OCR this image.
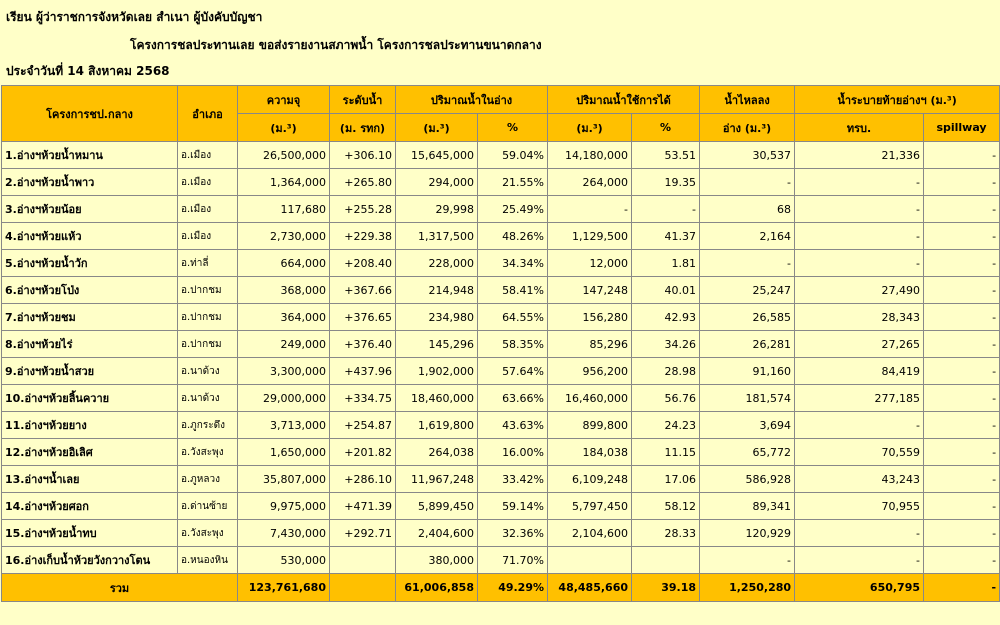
เรียน ผู้ว่าราชการจังหวัดเลย สำเนา ผู้บังคับบัญชา
โครงการชลประทานเลย ขอส่งรายงานสภาพน้ำ โครงการชลประทานขนาดกลาง
ประจำวันที่ 14 สิงหาคม 2568
โครงการชป.กลาง	อำเภอ	ความจุ	ระดับน้ำ	ปริมาณน้ำในอ่าง		ปริมาณน้ำใช้การได้		น้ำไหลลง	น้ำระบายท้ายอ่างฯ (ม.³)	
		(ม.³)	(ม. รทก)	(ม.³)	%	(ม.³)	%	อ่าง (ม.³)	ทรบ.	spillway
1.อ่างฯห้วยน้ำหมาน	อ.เมือง	26,500,000	+306.10	15,645,000	59.04%	14,180,000	53.51	30,537	21,336	-
2.อ่างฯห้วยน้ำพาว	อ.เมือง	1,364,000	+265.80	294,000	21.55%	264,000	19.35	-	-	-
3.อ่างฯห้วยน้อย	อ.เมือง	117,680	+255.28	29,998	25.49%	-	-	68	-	-
4.อ่างฯห้วยแห้ว	อ.เมือง	2,730,000	+229.38	1,317,500	48.26%	1,129,500	41.37	2,164	-	-
5.อ่างฯห้วยน้ำวัก	อ.ท่าลี่	664,000	+208.40	228,000	34.34%	12,000	1.81	-	-	-
6.อ่างฯห้วยโป่ง	อ.ปากชม	368,000	+367.66	214,948	58.41%	147,248	40.01	25,247	27,490	-
7.อ่างฯห้วยชม	อ.ปากชม	364,000	+376.65	234,980	64.55%	156,280	42.93	26,585	28,343	-
8.อ่างฯห้วยไร่	อ.ปากชม	249,000	+376.40	145,296	58.35%	85,296	34.26	26,281	27,265	-
9.อ่างฯห้วยน้ำสวย	อ.นาด้วง	3,300,000	+437.96	1,902,000	57.64%	956,200	28.98	91,160	84,419	-
10.อ่างฯห้วยลิ้นควาย	อ.นาด้วง	29,000,000	+334.75	18,460,000	63.66%	16,460,000	56.76	181,574	277,185	-
11.อ่างฯห้วยยาง	อ.ภูกระดึง	3,713,000	+254.87	1,619,800	43.63%	899,800	24.23	3,694	-	-
12.อ่างฯห้วยอิเลิศ	อ.วังสะพุง	1,650,000	+201.82	264,038	16.00%	184,038	11.15	65,772	70,559	-
13.อ่างฯน้ำเลย	อ.ภูหลวง	35,807,000	+286.10	11,967,248	33.42%	6,109,248	17.06	586,928	43,243	-
14.อ่างฯห้วยศอก	อ.ด่านซ้าย	9,975,000	+471.39	5,899,450	59.14%	5,797,450	58.12	89,341	70,955	-
15.อ่างฯห้วยน้ำทบ	อ.วังสะพุง	7,430,000	+292.71	2,404,600	32.36%	2,104,600	28.33	120,929	-	-
16.อ่างเก็บน้ำห้วยวังกวางโตน	อ.หนองหิน	530,000		380,000	71.70%			-	-	-
รวม		123,761,680		61,006,858	49.29%	48,485,660	39.18	1,250,280	650,795	-
